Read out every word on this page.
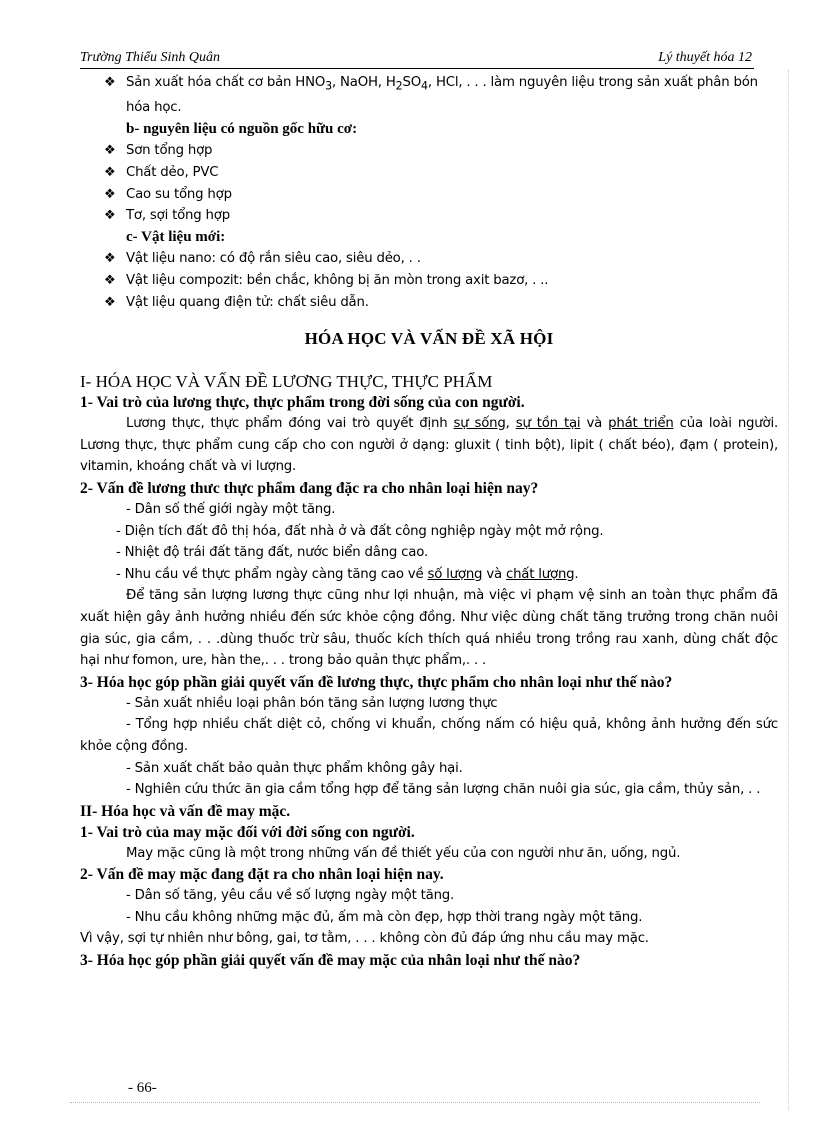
Trường Thiểu Sinh Quân	Lý thuyết hóa 12
❖ Sản xuất hóa chất cơ bản $HNO_3$, NaOH, $H_2SO_4$, HCl, . . . làm nguyên liệu trong sản xuất phân bón hóa học.
b- nguyên liệu có nguồn gốc hữu cơ:
❖ Sơn tổng hợp
❖ Chất dẻo, PVC
❖ Cao su tổng hợp
❖ Tơ, sợi tổng hợp
c- Vật liệu mới:
❖ Vật liệu nano: có độ rắn siêu cao, siêu dẻo, . .
❖ Vật liệu compozit: bền chắc, không bị ăn mòn trong axit bazơ, . ..
❖ Vật liệu quang điện tử: chất siêu dẫn.
HÓA HỌC VÀ VẤN ĐỀ XÃ HỘI
I- HÓA HỌC VÀ VẤN ĐỀ LƯƠNG THỰC, THỰC PHẨM
1- Vai trò của lương thực, thực phẩm trong đời sống của con người.
Lương thực, thực phẩm đóng vai trò quyết định sự sống, sự tồn tại và phát triển của loài người. Lương thực, thực phẩm cung cấp cho con người ở dạng: gluxit ( tinh bột), lipit ( chất béo), đạm ( protein), vitamin, khoáng chất và vi lượng.
2- Vấn đề lương thưc thực phẩm đang đặc ra cho nhân loại hiện nay?
- Dân số thế giới ngày một tăng.
- Diện tích đất đô thị hóa, đất nhà ở và đất công nghiệp ngày một mở rộng.
- Nhiệt độ trái đất tăng đất, nước biển dâng cao.
- Nhu cầu về thực phẩm ngày càng tăng cao về số lượng và chất lượng.
Để tăng sản lượng lương thực cũng như lợi nhuận, mà việc vi phạm vệ sinh an toàn thực phẩm đã xuất hiện gây ảnh hưởng nhiều đến sức khỏe cộng đồng. Như việc dùng chất tăng trưởng trong chăn nuôi gia súc, gia cầm, . . .dùng thuốc trừ sâu, thuốc kích thích quá nhiều trong trồng rau xanh, dùng chất độc hại như fomon, ure, hàn the,. . . trong bảo quản thực phẩm,. . .
3- Hóa học góp phần giải quyết vấn đề lương thực, thực phẩm cho nhân loại như thế nào?
- Sản xuất nhiều loại phân bón tăng sản lượng lương thực
- Tổng hợp nhiều chất diệt cỏ, chống vi khuẩn, chống nấm có hiệu quả, không ảnh hưởng đến sức khỏe cộng đồng.
- Sản xuất chất bảo quản thực phẩm không gây hại.
- Nghiên cứu thức ăn gia cầm tổng hợp để tăng sản lượng chăn nuôi gia súc, gia cầm, thủy sản, . .
II- Hóa học và vấn đề may mặc.
1- Vai trò của may mặc đối với đời sống con người.
May mặc cũng là một trong những vấn đề thiết yếu của con người như ăn, uống, ngủ.
2- Vấn đề may mặc đang đặt ra cho nhân loại hiện nay.
- Dân số tăng, yêu cầu về số lượng ngày một tăng.
- Nhu cầu không những mặc đủ, ấm mà còn đẹp, hợp thời trang ngày một tăng.
Vì vậy, sợi tự nhiên như bông, gai, tơ tằm, . . . không còn đủ đáp ứng nhu cầu may mặc.
3- Hóa học góp phần giải quyết vấn đề may mặc của nhân loại như thế nào?
- 66-
